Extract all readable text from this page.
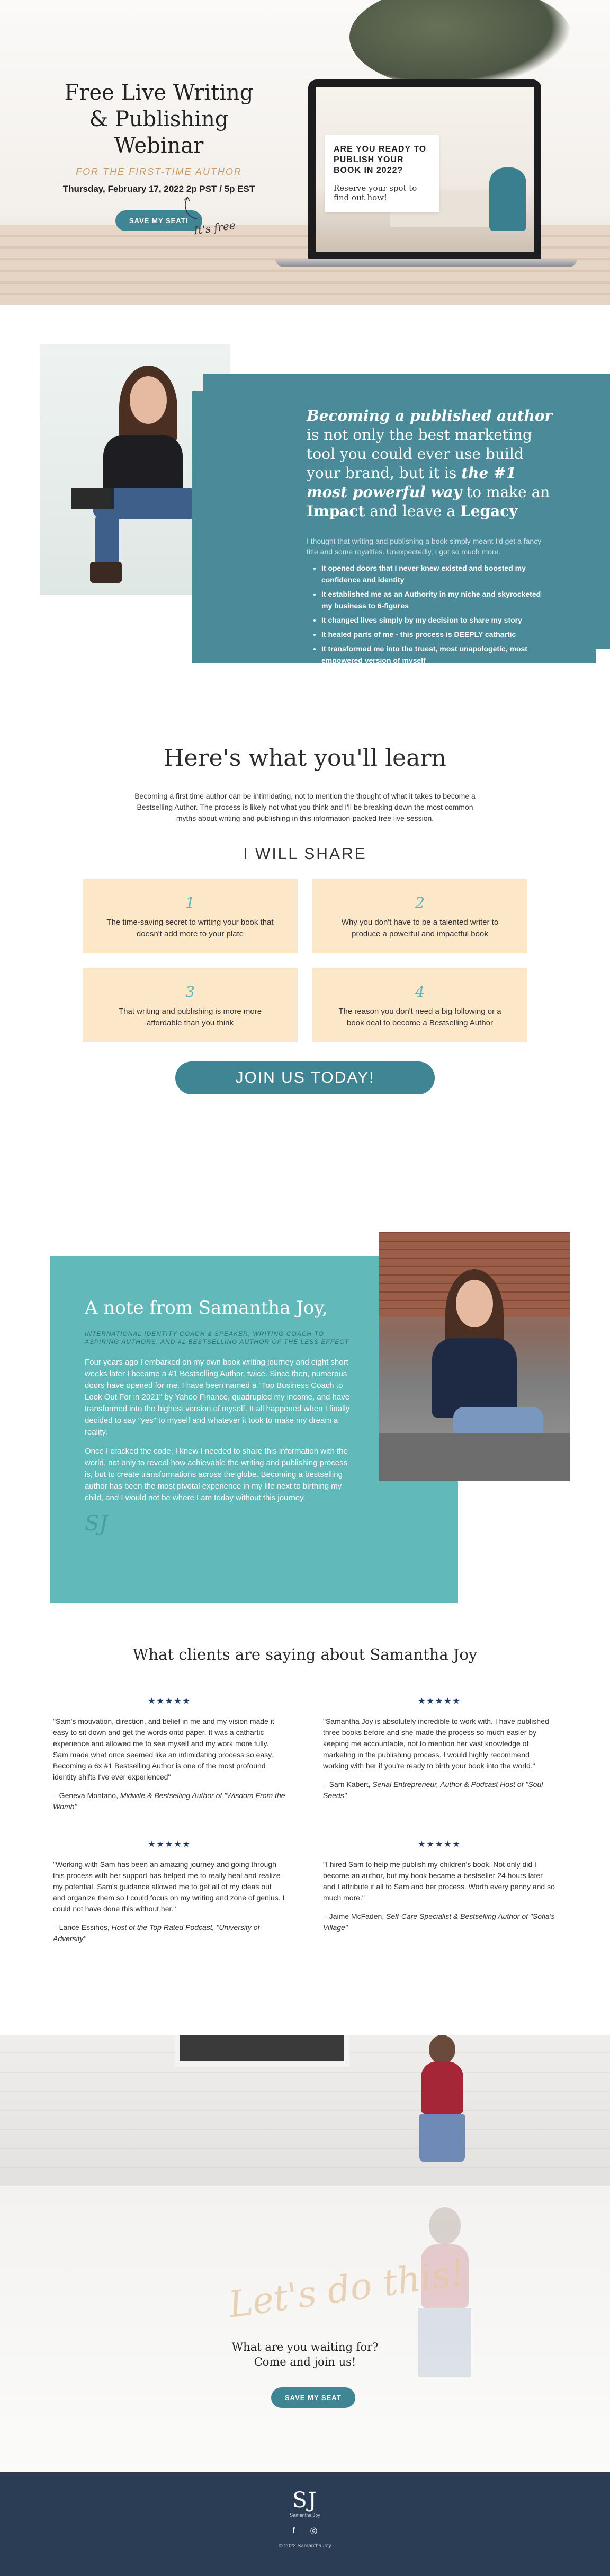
Free Live Writing & Publishing Webinar
FOR THE FIRST-TIME AUTHOR
Thursday, February 17, 2022 2p PST / 5p EST
SAVE MY SEAT! It's free
ARE YOU READY TO PUBLISH YOUR BOOK IN 2022?

Reserve your spot to find out how!

Becoming a published author is not only the best marketing tool you could ever use build your brand, but it is the #1 most powerful way to make an Impact and leave a Legacy

I thought that writing and publishing a book simply meant I'd get a fancy title and some royalties. Unexpectedly, I got so much more.

• It opened doors that I never knew existed and boosted my confidence and identity
• It established me as an Authority in my niche and skyrocketed my business to 6-figures
• It changed lives simply by my decision to share my story
• It healed parts of me - this process is DEEPLY cathartic
• It transformed me into the truest, most unapologetic, most empowered version of myself
Here's what you'll learn

Becoming a first time author can be intimidating, not to mention the thought of what it takes to become a Bestselling Author. The process is likely not what you think and I'll be breaking down the most common myths about writing and publishing in this information-packed free live session.

I WILL SHARE
1
The time-saving secret to writing your book that doesn't add more to your plate
2
Why you don't have to be a talented writer to produce a powerful and impactful book
3
That writing and publishing is more more affordable than you think
4
The reason you don't need a big following or a book deal to become a Bestselling Author
JOIN US TODAY!
A note from Samantha Joy,
INTERNATIONAL IDENTITY COACH & SPEAKER, WRITING COACH TO ASPIRING AUTHORS, AND #1 BESTSELLING AUTHOR OF THE LESS EFFECT

Four years ago I embarked on my own book writing journey and eight short weeks later I became a #1 Bestselling Author, twice. Since then, numerous doors have opened for me. I have been named a "Top Business Coach to Look Out For in 2021" by Yahoo Finance, quadrupled my income, and have transformed into the highest version of myself. It all happened when I finally decided to say "yes" to myself and whatever it took to make my dream a reality.

Once I cracked the code, I knew I needed to share this information with the world, not only to reveal how achievable the writing and publishing process is, but to create transformations across the globe. Becoming a bestselling author has been the most pivotal experience in my life next to birthing my child, and I would not be where I am today without this journey.

SJ
What clients are saying about Samantha Joy
★★★★★

"Sam's motivation, direction, and belief in me and my vision made it easy to sit down and get the words onto paper. It was a cathartic experience and allowed me to see myself and my work more fully. Sam made what once seemed like an intimidating process so easy. Becoming a 6x #1 Bestselling Author is one of the most profound identity shifts I've ever experienced"

– Geneva Montano, Midwife & Bestselling Author of "Wisdom From the Womb"

★★★★★

"Samantha Joy is absolutely incredible to work with. I have published three books before and she made the process so much easier by keeping me accountable, not to mention her vast knowledge of marketing in the publishing process. I would highly recommend working with her if you're ready to birth your book into the world."

– Sam Kabert, Serial Entrepreneur, Author & Podcast Host of "Soul Seeds"

★★★★★

"Working with Sam has been an amazing journey and going through this process with her support has helped me to really heal and realize my potential. Sam's guidance allowed me to get all of my ideas out and organize them so I could focus on my writing and zone of genius. I could not have done this without her."

– Lance Essihos, Host of the Top Rated Podcast, "University of Adversity"

★★★★★

"I hired Sam to help me publish my children's book. Not only did I become an author, but my book became a bestseller 24 hours later and I attribute it all to Sam and her process. Worth every penny and so much more."

– Jaime McFaden, Self-Care Specialist & Bestselling Author of "Sofia's Village"

Let's do this!
What are you waiting for?
Come and join us!
SAVE MY SEAT
SJ
Samantha Joy
f ◎
© 2022 Samantha Joy
